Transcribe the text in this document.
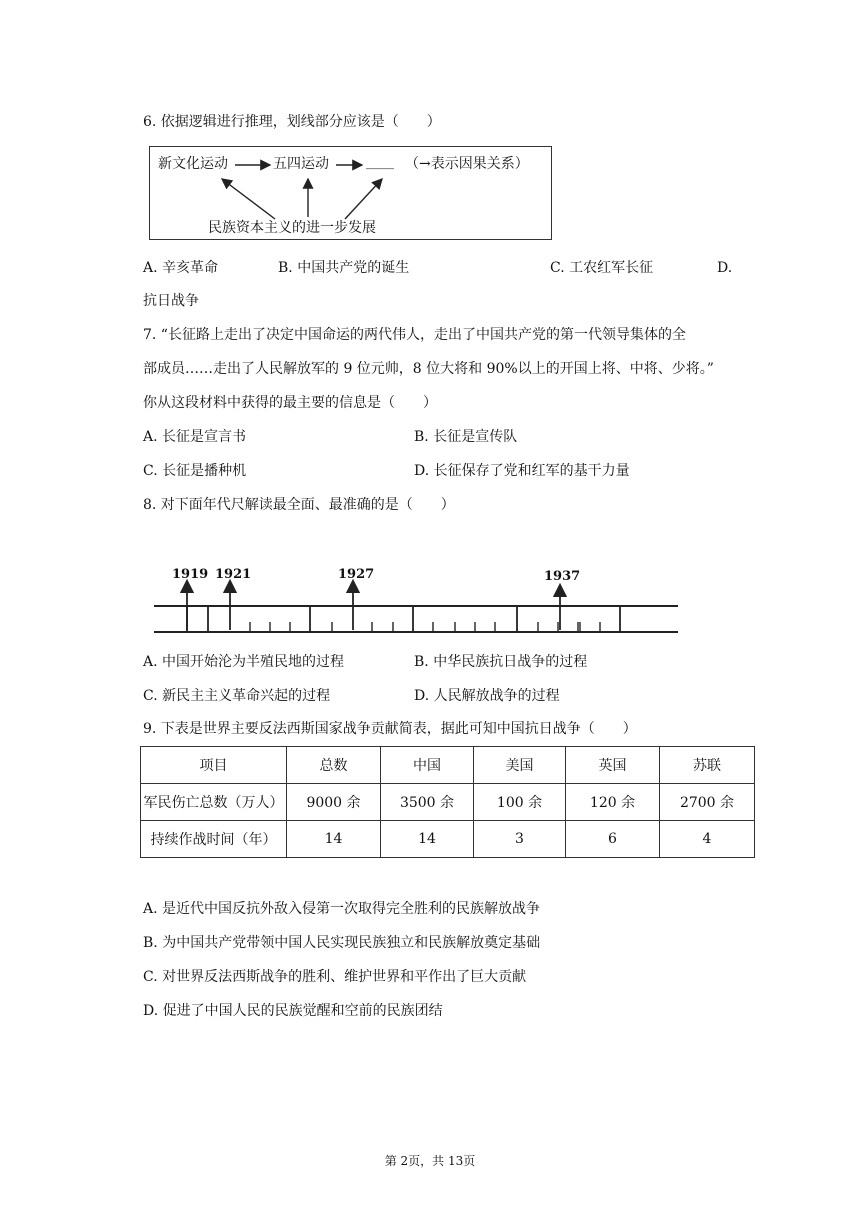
6. 依据逻辑进行推理，划线部分应该是（　　）
新文化运动	五四运动	____ （→表示因果关系）
民族资本主义的进一步发展
A. 辛亥革命	B. 中国共产党的诞生	C. 工农红军长征	D.
抗日战争
7. “长征路上走出了决定中国命运的两代伟人，走出了中国共产党的第一代领导集体的全
部成员……走出了人民解放军的 9 位元帅，8 位大将和 90%以上的开国上将、中将、少将。”
你从这段材料中获得的最主要的信息是（　　）
A. 长征是宣言书	B. 长征是宣传队
C. 长征是播种机	D. 长征保存了党和红军的基干力量
8. 对下面年代尺解读最全面、最准确的是（　　）
1919 1921	1927	1937
A. 中国开始沦为半殖民地的过程	B. 中华民族抗日战争的过程
C. 新民主主义革命兴起的过程	D. 人民解放战争的过程
9. 下表是世界主要反法西斯国家战争贡献简表，据此可知中国抗日战争（　　）
项目	总数	中国	美国	英国	苏联
军民伤亡总数（万人）	9000 余	3500 余	100 余	120 余	2700 余
持续作战时间（年）	14	14	3	6	4
A. 是近代中国反抗外敌入侵第一次取得完全胜利的民族解放战争
B. 为中国共产党带领中国人民实现民族独立和民族解放奠定基础
C. 对世界反法西斯战争的胜利、维护世界和平作出了巨大贡献
D. 促进了中国人民的民族觉醒和空前的民族团结
第 2页，共 13页
